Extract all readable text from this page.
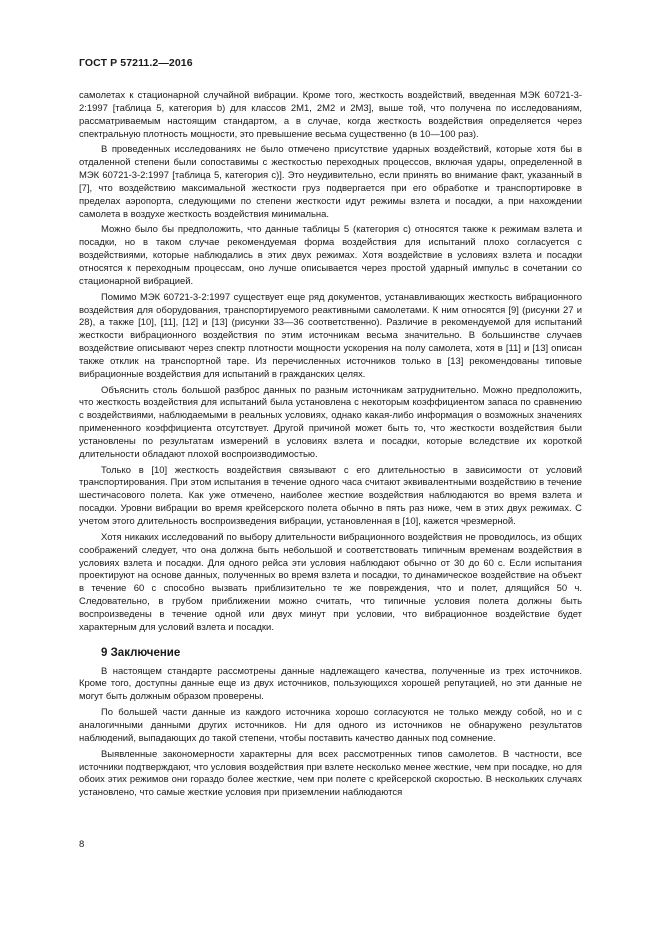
ГОСТ Р 57211.2—2016

самолетах к стационарной случайной вибрации. Кроме того, жесткость воздействий, введенная МЭК 60721-3-2:1997 [таблица 5, категория b) для классов 2М1, 2М2 и 2М3], выше той, что получена по исследованиям, рассматриваемым настоящим стандартом, а в случае, когда жесткость воздействия определяется через спектральную плотность мощности, это превышение весьма существенно (в 10—100 раз).

В проведенных исследованиях не было отмечено присутствие ударных воздействий, которые хотя бы в отдаленной степени были сопоставимы с жесткостью переходных процессов, включая удары, определенной в МЭК 60721-3-2:1997 [таблица 5, категория с)]. Это неудивительно, если принять во внимание факт, указанный в [7], что воздействию максимальной жесткости груз подвергается при его обработке и транспортировке в пределах аэропорта, следующими по степени жесткости идут режимы взлета и посадки, а при нахождении самолета в воздухе жесткость воздействия минимальна.

Можно было бы предположить, что данные таблицы 5 (категория с) относятся также к режимам взлета и посадки, но в таком случае рекомендуемая форма воздействия для испытаний плохо согласуется с воздействиями, которые наблюдались в этих двух режимах. Хотя воздействие в условиях взлета и посадки относятся к переходным процессам, оно лучше описывается через простой ударный импульс в сочетании со стационарной вибрацией.

Помимо МЭК 60721-3-2:1997 существует еще ряд документов, устанавливающих жесткость вибрационного воздействия для оборудования, транспортируемого реактивными самолетами. К ним относятся [9] (рисунки 27 и 28), а также [10], [11], [12] и [13] (рисунки 33—36 соответственно). Различие в рекомендуемой для испытаний жесткости вибрационного воздействия по этим источникам весьма значительно. В большинстве случаев воздействие описывают через спектр плотности мощности ускорения на полу самолета, хотя в [11] и [13] описан также отклик на транспортной таре. Из перечисленных источников только в [13] рекомендованы типовые вибрационные воздействия для испытаний в гражданских целях.

Объяснить столь большой разброс данных по разным источникам затруднительно. Можно предположить, что жесткость воздействия для испытаний была установлена с некоторым коэффициентом запаса по сравнению с воздействиями, наблюдаемыми в реальных условиях, однако какая-либо информация о возможных значениях примененного коэффициента отсутствует. Другой причиной может быть то, что жесткости воздействия были установлены по результатам измерений в условиях взлета и посадки, которые вследствие их короткой длительности обладают плохой воспроизводимостью.

Только в [10] жесткость воздействия связывают с его длительностью в зависимости от условий транспортирования. При этом испытания в течение одного часа считают эквивалентными воздействию в течение шестичасового полета. Как уже отмечено, наиболее жесткие воздействия наблюдаются во время взлета и посадки. Уровни вибрации во время крейсерского полета обычно в пять раз ниже, чем в этих двух режимах. С учетом этого длительность воспроизведения вибрации, установленная в [10], кажется чрезмерной.

Хотя никаких исследований по выбору длительности вибрационного воздействия не проводилось, из общих соображений следует, что она должна быть небольшой и соответствовать типичным временам воздействия в условиях взлета и посадки. Для одного рейса эти условия наблюдают обычно от 30 до 60 с. Если испытания проектируют на основе данных, полученных во время взлета и посадки, то динамическое воздействие на объект в течение 60 с способно вызвать приблизительно те же повреждения, что и полет, длящийся 50 ч. Следовательно, в грубом приближении можно считать, что типичные условия полета должны быть воспроизведены в течение одной или двух минут при условии, что вибрационное воздействие будет характерным для условий взлета и посадки.

9 Заключение

В настоящем стандарте рассмотрены данные надлежащего качества, полученные из трех источников. Кроме того, доступны данные еще из двух источников, пользующихся хорошей репутацией, но эти данные не могут быть должным образом проверены.

По большей части данные из каждого источника хорошо согласуются не только между собой, но и с аналогичными данными других источников. Ни для одного из источников не обнаружено результатов наблюдений, выпадающих до такой степени, чтобы поставить качество данных под сомнение.

Выявленные закономерности характерны для всех рассмотренных типов самолетов. В частности, все источники подтверждают, что условия воздействия при взлете несколько менее жесткие, чем при посадке, но для обоих этих режимов они гораздо более жесткие, чем при полете с крейсерской скоростью. В нескольких случаях установлено, что самые жесткие условия при приземлении наблюдаются

8
